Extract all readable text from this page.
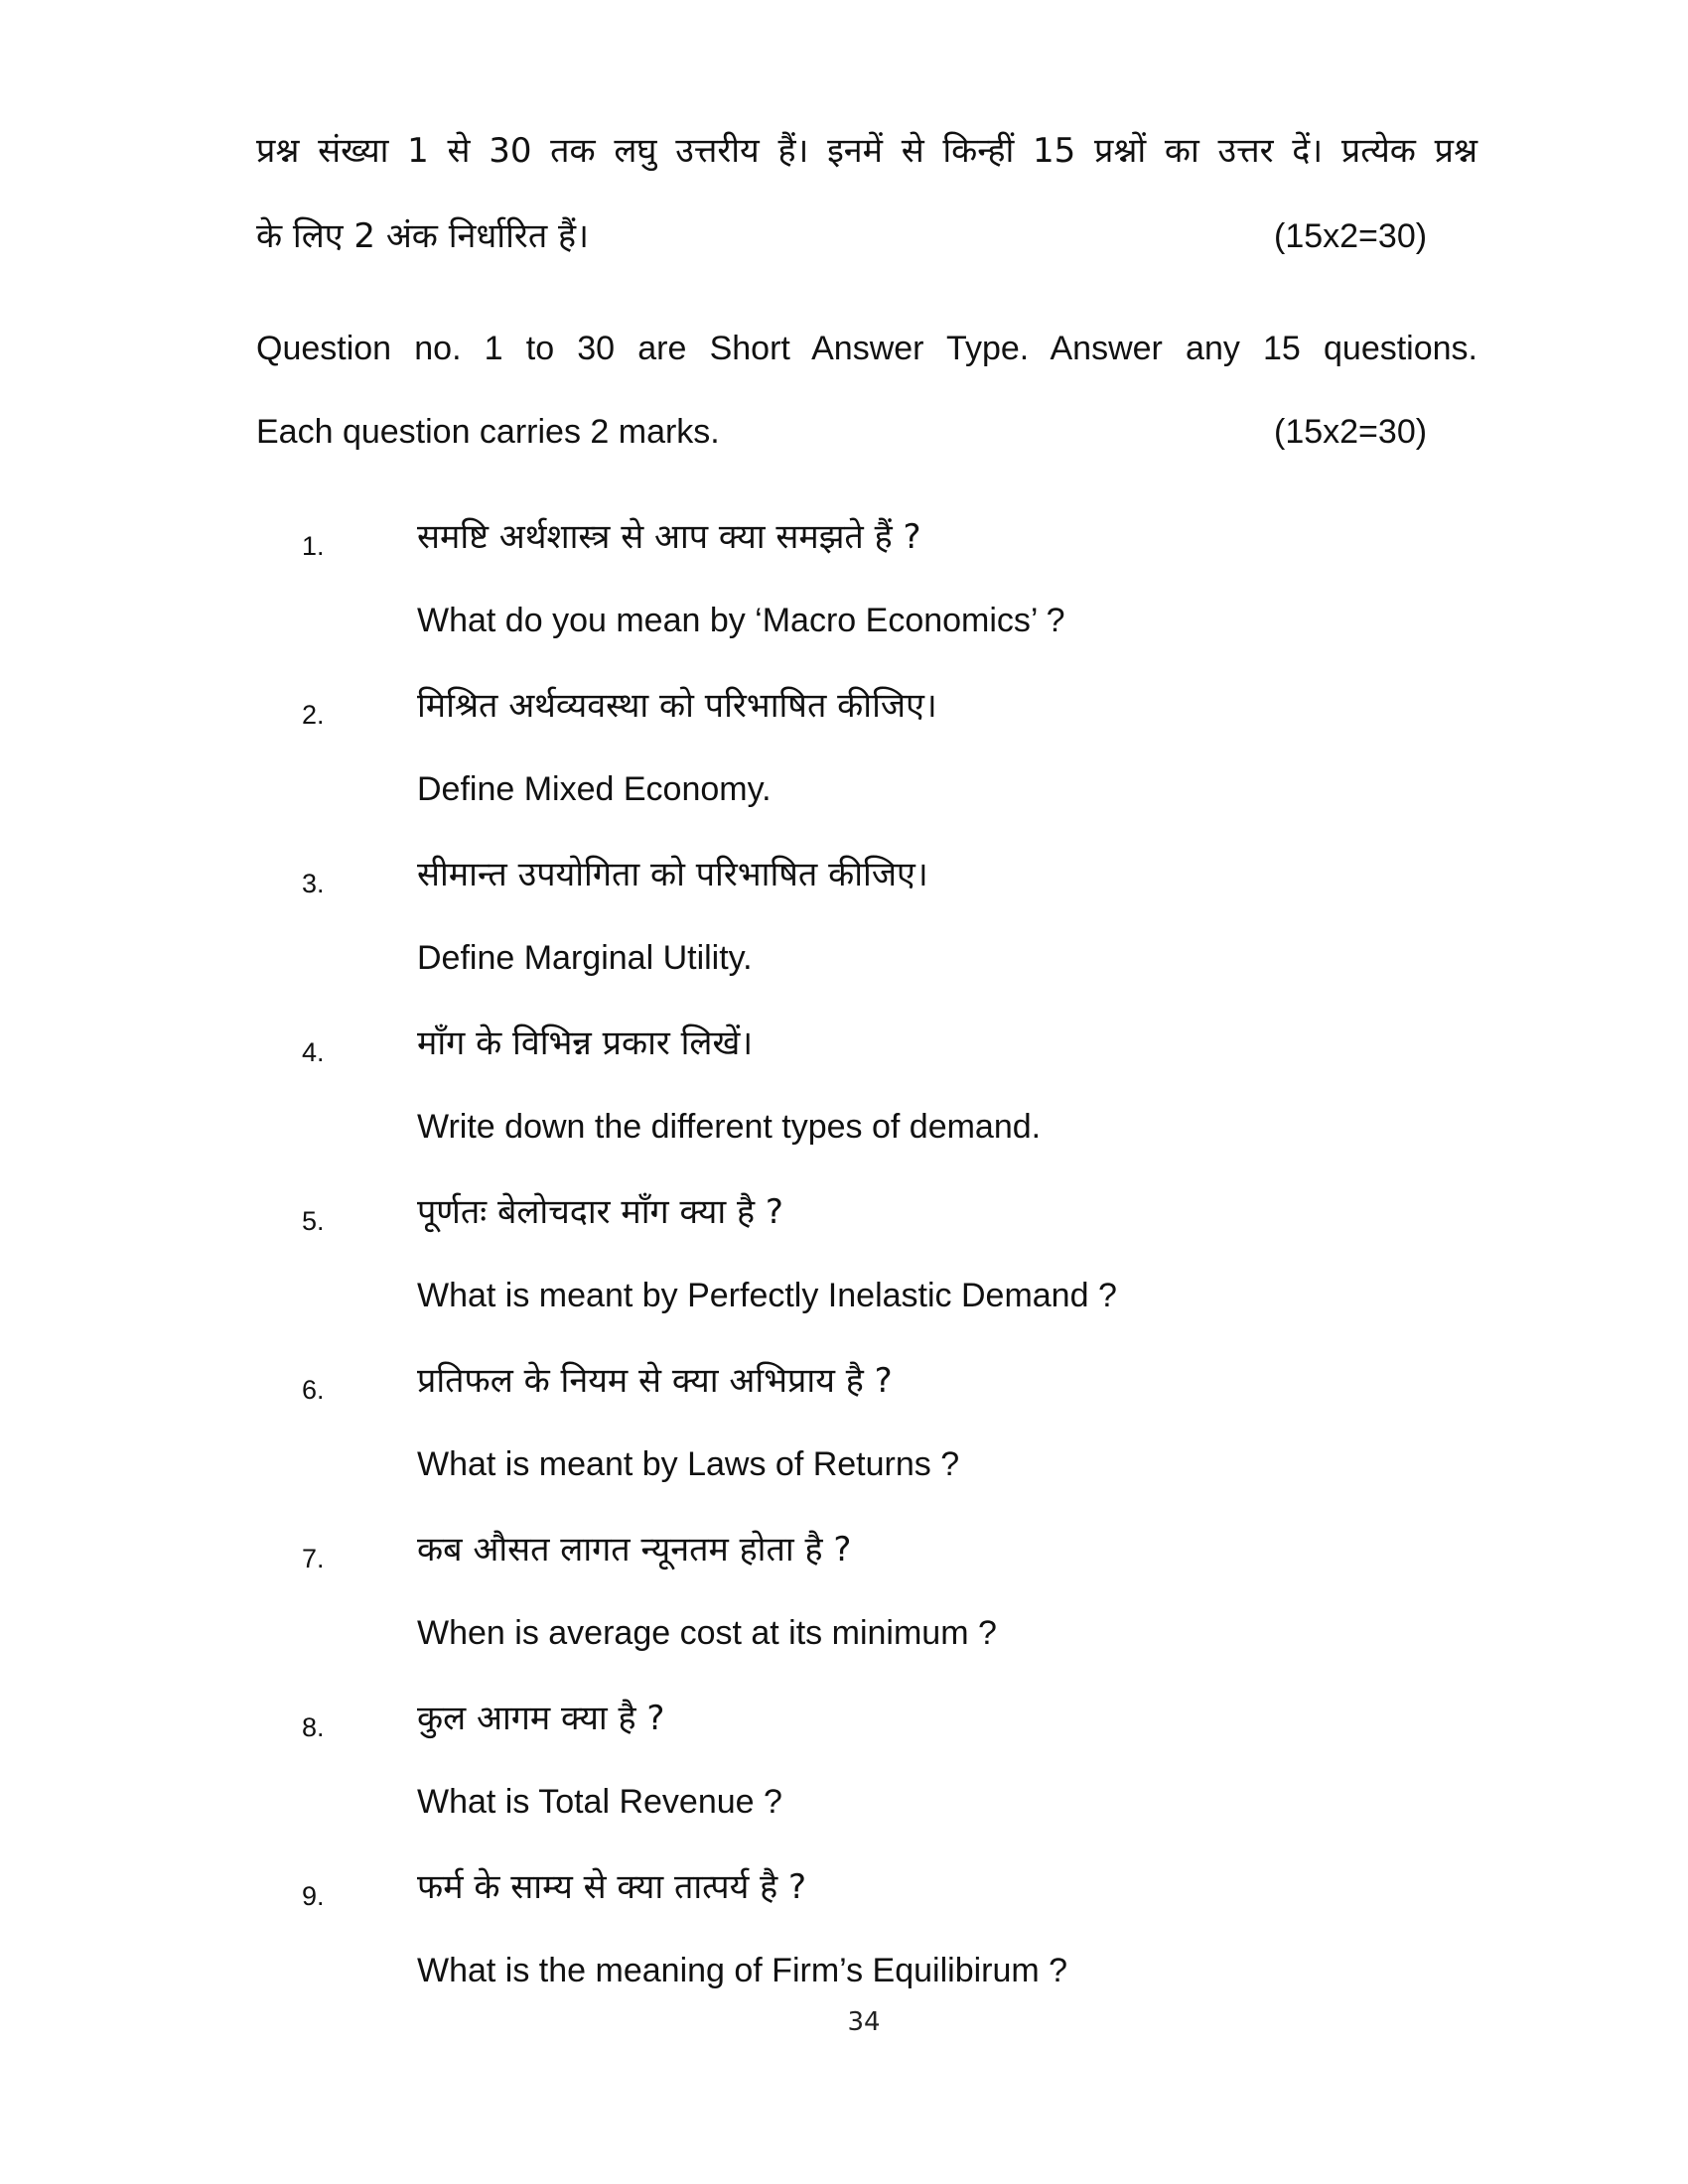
प्रश्न संख्या 1 से 30 तक लघु उत्तरीय हैं। इनमें से किन्हीं 15 प्रश्नों का उत्तर दें। प्रत्येक प्रश्न
के लिए 2 अंक निर्धारित हैं।	(15x2=30)
Question no. 1 to 30 are Short Answer Type. Answer any 15 questions.
Each question carries 2 marks.	(15x2=30)
1.	समष्टि अर्थशास्त्र से आप क्या समझते हैं ?
What do you mean by ‘Macro Economics’ ?
2.	मिश्रित अर्थव्यवस्था को परिभाषित कीजिए।
Define Mixed Economy.
3.	सीमान्त उपयोगिता को परिभाषित कीजिए।
Define Marginal Utility.
4.	माँग के विभिन्न प्रकार लिखें।
Write down the different types of demand.
5.	पूर्णतः बेलोचदार माँग क्या है ?
What is meant by Perfectly Inelastic Demand ?
6.	प्रतिफल के नियम से क्या अभिप्राय है ?
What is meant by Laws of Returns ?
7.	कब औसत लागत न्यूनतम होता है ?
When is average cost at its minimum ?
8.	कुल आगम क्या है ?
What is Total Revenue ?
9.	फर्म के साम्य से क्या तात्पर्य है ?
What is the meaning of Firm’s Equilibirum ?
34
